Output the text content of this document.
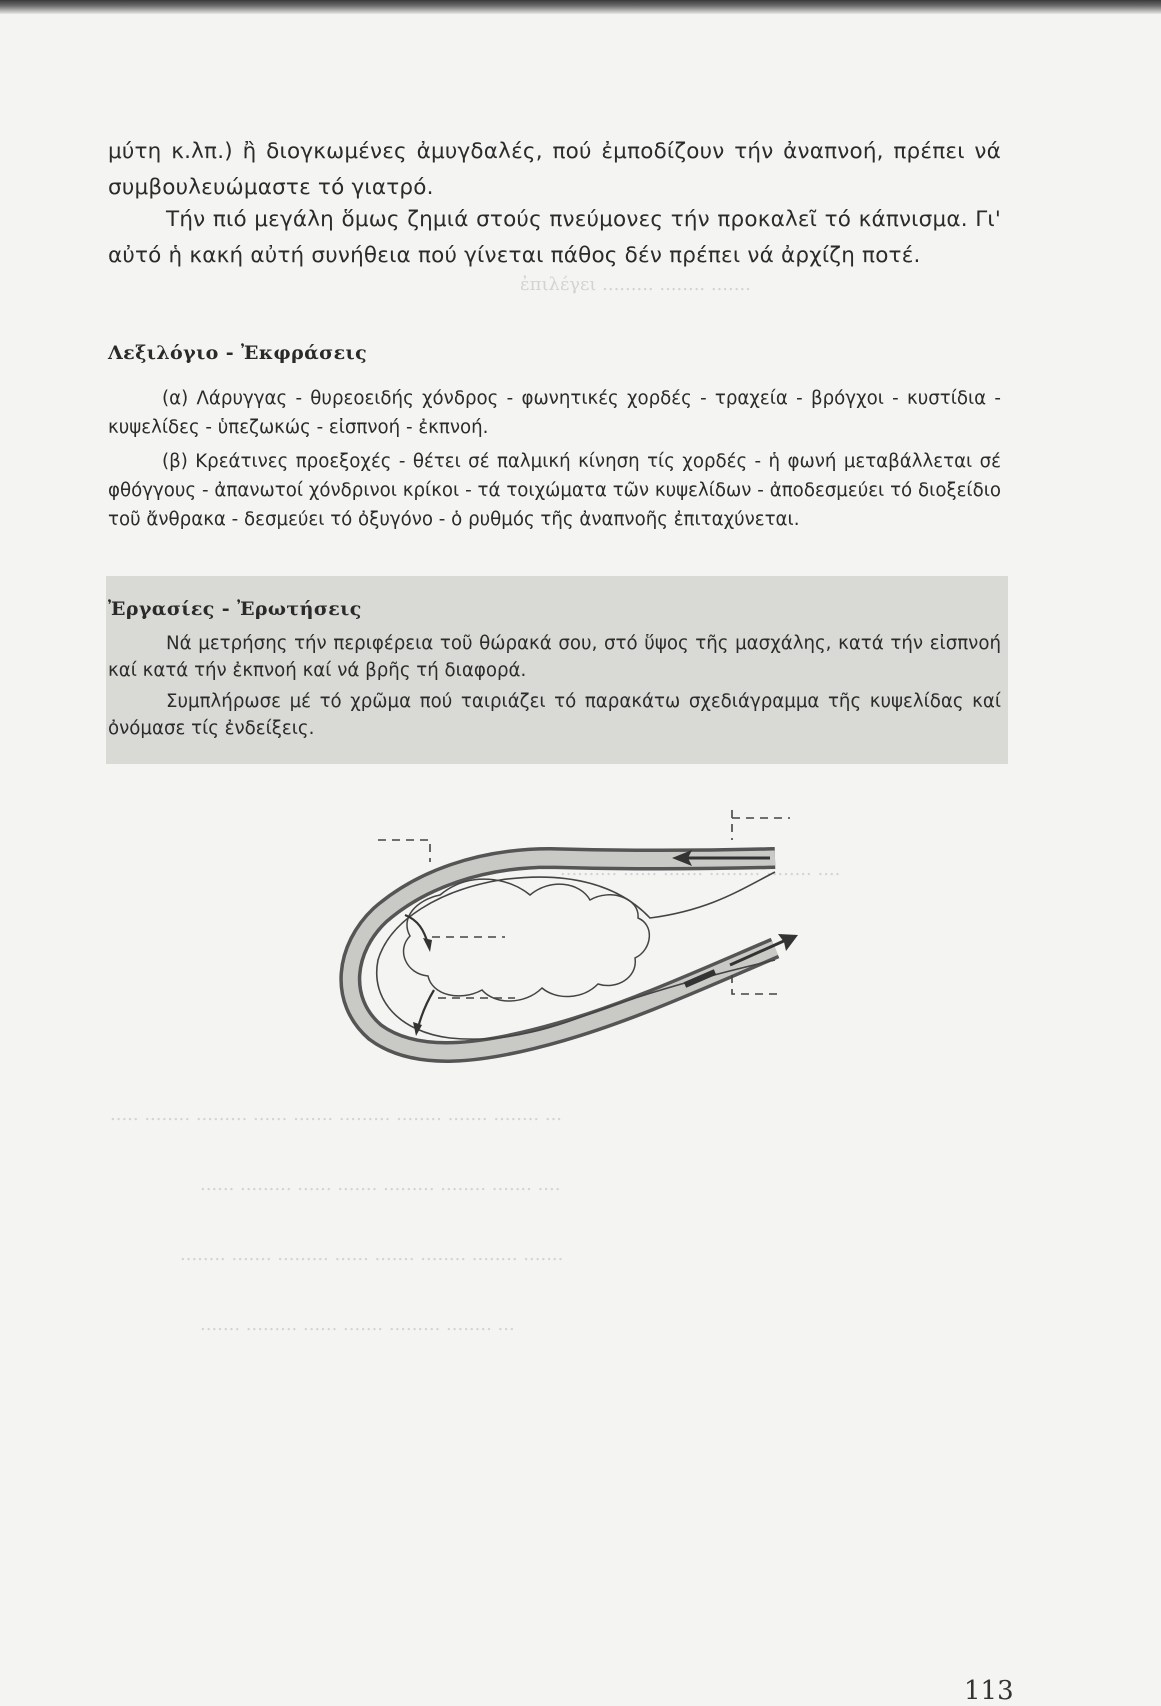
ἐπιλέγει ......... ........ .......
.......... ...... ....... ......... ........ ....
..... ........ ......... ...... ....... ......... ........ ....... ........ ...
...... ......... ...... ....... ......... ........ ....... ....
........ ....... ......... ...... ....... ........ ........ .......
....... ......... ...... ....... ......... ........ ...
μύτη κ.λπ.) ἢ διογκωμένες ἀμυγδαλές, πού ἐμποδίζουν τήν ἀναπνοή, πρέπει νά συμβουλευώμαστε τό γιατρό.
Τήν πιό μεγάλη ὅμως ζημιά στούς πνεύμονες τήν προκαλεῖ τό κάπνισμα. Γι' αὐτό ἡ κακή αὐτή συνήθεια πού γίνεται πάθος δέν πρέπει νά ἀρχίζη ποτέ.
Λεξιλόγιο - Ἐκφράσεις

(α) Λάρυγγας - θυρεοειδής χόνδρος - φωνητικές χορδές - τραχεία - βρόγχοι - κυστίδια - κυψελίδες - ὑπεζωκώς - εἰσπνοή - ἐκπνοή.

(β) Κρεάτινες προεξοχές - θέτει σέ παλμική κίνηση τίς χορδές - ἡ φωνή μεταβάλλεται σέ φθόγγους - ἀπανωτοί χόνδρινοι κρίκοι - τά τοιχώματα τῶν κυψελίδων - ἀποδεσμεύει τό διοξείδιο τοῦ ἄνθρακα - δεσμεύει τό ὀξυγόνο - ὁ ρυθμός τῆς ἀναπνοῆς ἐπιταχύνεται.

Ἐργασίες - Ἐρωτήσεις

Νά μετρήσης τήν περιφέρεια τοῦ θώρακά σου, στό ὕψος τῆς μασχάλης, κατά τήν εἰσπνοή καί κατά τήν ἐκπνοή καί νά βρῆς τή διαφορά.

Συμπλήρωσε μέ τό χρῶμα πού ταιριάζει τό παρακάτω σχεδιάγραμμα τῆς κυψελίδας καί ὀνόμασε τίς ἐνδείξεις.

113
